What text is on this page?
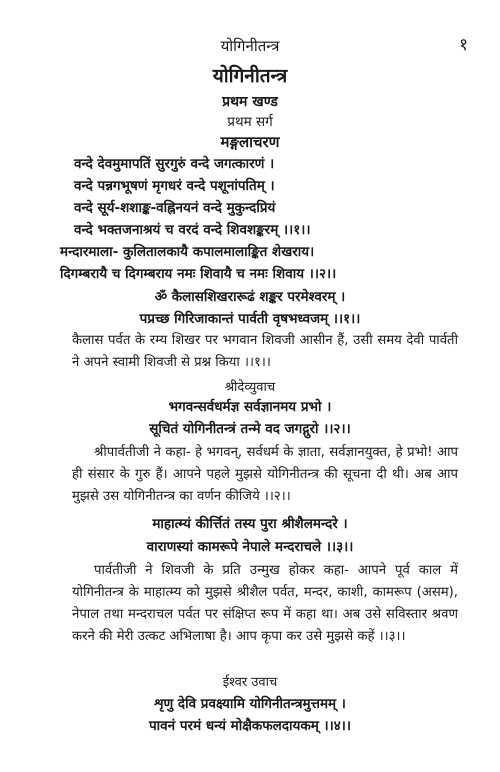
योगिनीतन्त्र	१
योगिनीतन्त्र
प्रथम खण्ड
प्रथम सर्ग
मङ्गलाचरण
वन्दे देवमुमापतिं सुरगुरुं वन्दे जगत्कारणं ।
वन्दे पन्नगभूषणं मृगधरं वन्दे पशूनांपतिम् ।
वन्दे सूर्य-शशाङ्क-वह्निनयनं वन्दे मुकुन्दप्रियं
वन्दे भक्तजनाश्रयं च वरदं वन्दे शिवशङ्करम् ।।१।।
मन्दारमाला- कुलितालकायै कपालमालाङ्कित शेखराय।
दिगम्बरायै च दिगम्बराय नमः शिवायै च नमः शिवाय ।।२।।
ॐ कैलासशिखरारूढं शङ्कर परमेश्वरम् ।
पप्रच्छ गिरिजाकान्तं पार्वती वृषभध्वजम् ।।१।।
कैलास पर्वत के रम्य शिखर पर भगवान शिवजी आसीन हैं, उसी समय देवी पार्वती ने अपने स्वामी शिवजी से प्रश्न किया ।।१।।
श्रीदेव्युवाच
भगवन्सर्वधर्मज्ञ सर्वज्ञानमय प्रभो ।
सूचितं योगिनीतन्त्रं तन्मे वद जगद्गुरो ।।२।।
श्रीपार्वतीजी ने कहा- हे भगवन्, सर्वधर्म के ज्ञाता, सर्वज्ञानयुक्त, हे प्रभो! आप ही संसार के गुरु हैं। आपने पहले मुझसे योगिनीतन्त्र की सूचना दी थी। अब आप मुझसे उस योगिनीतन्त्र का वर्णन कीजिये ।।२।।
माहात्म्यं कीर्त्तितं तस्य पुरा श्रीशैलमन्दरे ।
वाराणस्यां कामरूपे नेपाले मन्दराचले ।।३।।
पार्वतीजी ने शिवजी के प्रति उन्मुख होकर कहा- आपने पूर्व काल में योगिनीतन्त्र के माहात्म्य को मुझसे श्रीशैल पर्वत, मन्दर, काशी, कामरूप (असम), नेपाल तथा मन्दराचल पर्वत पर संक्षिप्त रूप में कहा था। अब उसे सविस्तार श्रवण करने की मेरी उत्कट अभिलाषा है। आप कृपा कर उसे मुझसे कहें ।।३।।
ईश्वर उवाच
शृणु देवि प्रवक्ष्यामि योगिनीतन्त्रमुत्तमम् ।
पावनं परमं धन्यं मोक्षैकफलदायकम् ।।४।।
